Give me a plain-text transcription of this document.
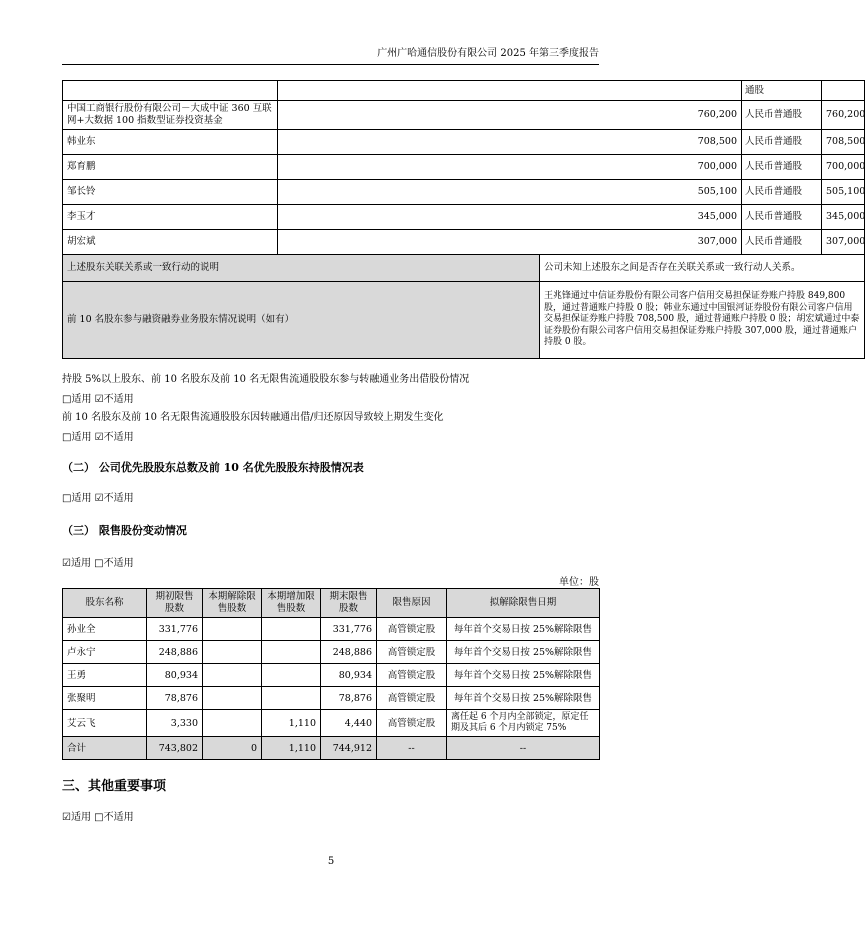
广州广哈通信股份有限公司 2025 年第三季度报告
			通股	
中国工商银行股份有限公司－大成中证 360 互联网+大数据 100 指数型证券投资基金	760,200		人民币普通股	760,200
韩业东	708,500		人民币普通股	708,500
郑育鹏	700,000		人民币普通股	700,000
邹长铃	505,100		人民币普通股	505,100
李玉才	345,000		人民币普通股	345,000
胡宏斌	307,000		人民币普通股	307,000
上述股东关联关系或一致行动的说明		公司未知上述股东之间是否存在关联关系或一致行动人关系。		
前 10 名股东参与融资融券业务股东情况说明（如有）		王兆锋通过中信证券股份有限公司客户信用交易担保证券账户持股 849,800 股，通过普通账户持股 0 股；韩业东通过中国银河证券股份有限公司客户信用交易担保证券账户持股 708,500 股，通过普通账户持股 0 股；胡宏斌通过中泰证券股份有限公司客户信用交易担保证券账户持股 307,000 股，通过普通账户持股 0 股。		
持股 5%以上股东、前 10 名股东及前 10 名无限售流通股股东参与转融通业务出借股份情况
□适用 ☑不适用
前 10 名股东及前 10 名无限售流通股股东因转融通出借/归还原因导致较上期发生变化
□适用 ☑不适用
（二） 公司优先股股东总数及前 10 名优先股股东持股情况表
□适用 ☑不适用
（三） 限售股份变动情况
☑适用 □不适用
单位：股
股东名称	期初限售股数	本期解除限售股数	本期增加限售股数	期末限售股数	限售原因	拟解除限售日期
孙业全	331,776			331,776	高管锁定股	每年首个交易日按 25%解除限售
卢永宁	248,886			248,886	高管锁定股	每年首个交易日按 25%解除限售
王勇	80,934			80,934	高管锁定股	每年首个交易日按 25%解除限售
张聚明	78,876			78,876	高管锁定股	每年首个交易日按 25%解除限售
艾云飞	3,330		1,110	4,440	高管锁定股	离任起 6 个月内全部锁定，原定任期及其后 6 个月内锁定 75%
合计	743,802	0	1,110	744,912	--	--
三、其他重要事项
☑适用 □不适用
5
